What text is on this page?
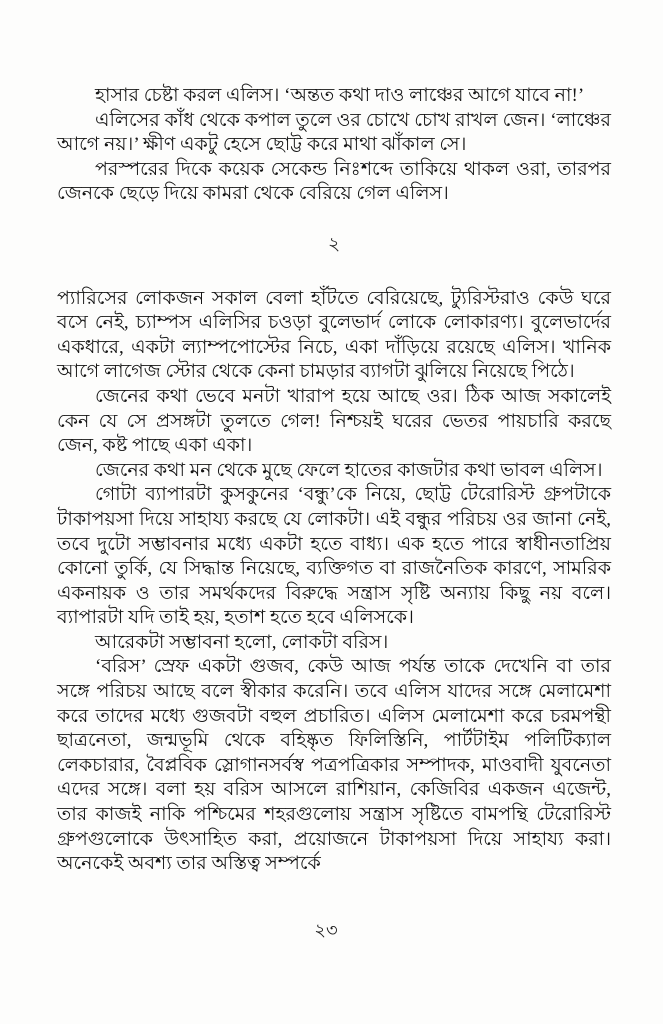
হাসার চেষ্টা করল এলিস। ‘অন্তত কথা দাও লাঞ্চের আগে যাবে না!’

এলিসের কাঁধ থেকে কপাল তুলে ওর চোখে চোখ রাখল জেন। ‘লাঞ্চের আগে নয়।’ ক্ষীণ একটু হেসে ছোট্ট করে মাথা ঝাঁকাল সে।

পরস্পরের দিকে কয়েক সেকেন্ড নিঃশব্দে তাকিয়ে থাকল ওরা, তারপর জেনকে ছেড়ে দিয়ে কামরা থেকে বেরিয়ে গেল এলিস।

২

প্যারিসের লোকজন সকাল বেলা হাঁটতে বেরিয়েছে, ট্যুরিস্টরাও কেউ ঘরে বসে নেই, চ্যাম্পস এলিসির চওড়া বুলেভার্দ লোকে লোকারণ্য। বুলেভার্দের একধারে, একটা ল্যাম্পপোস্টের নিচে, একা দাঁড়িয়ে রয়েছে এলিস। খানিক আগে লাগেজ স্টোর থেকে কেনা চামড়ার ব্যাগটা ঝুলিয়ে নিয়েছে পিঠে।

জেনের কথা ভেবে মনটা খারাপ হয়ে আছে ওর। ঠিক আজ সকালেই কেন যে সে প্রসঙ্গটা তুলতে গেল! নিশ্চয়ই ঘরের ভেতর পায়চারি করছে জেন, কষ্ট পাছে একা একা।

জেনের কথা মন থেকে মুছে ফেলে হাতের কাজটার কথা ভাবল এলিস।

গোটা ব্যাপারটা কুসকুনের ‘বন্ধু’কে নিয়ে, ছোট্ট টেরোরিস্ট গ্রুপটাকে টাকাপয়সা দিয়ে সাহায্য করছে যে লোকটা। এই বন্ধুর পরিচয় ওর জানা নেই, তবে দুটো সম্ভাবনার মধ্যে একটা হতে বাধ্য। এক হতে পারে স্বাধীনতাপ্রিয় কোনো তুর্কি, যে সিদ্ধান্ত নিয়েছে, ব্যক্তিগত বা রাজনৈতিক কারণে, সামরিক একনায়ক ও তার সমর্থকদের বিরুদ্ধে সন্ত্রাস সৃষ্টি অন্যায় কিছু নয় বলে। ব্যাপারটা যদি তাই হয়, হতাশ হতে হবে এলিসকে।

আরেকটা সম্ভাবনা হলো, লোকটা বরিস।

‘বরিস’ স্রেফ একটা গুজব, কেউ আজ পর্যন্ত তাকে দেখেনি বা তার সঙ্গে পরিচয় আছে বলে স্বীকার করেনি। তবে এলিস যাদের সঙ্গে মেলামেশা করে তাদের মধ্যে গুজবটা বহুল প্রচারিত। এলিস মেলামেশা করে চরমপন্থী ছাত্রনেতা, জন্মভূমি থেকে বহিষ্কৃত ফিলিস্তিনি, পার্টটাইম পলিটিক্যাল লেকচারার, বৈপ্লবিক স্লোগানসর্বস্ব পত্রপত্রিকার সম্পাদক, মাওবাদী যুবনেতা এদের সঙ্গে। বলা হয় বরিস আসলে রাশিয়ান, কেজিবির একজন এজেন্ট, তার কাজই নাকি পশ্চিমের শহরগুলোয় সন্ত্রাস সৃষ্টিতে বামপন্থি টেরোরিস্ট গ্রুপগুলোকে উৎসাহিত করা, প্রয়োজনে টাকাপয়সা দিয়ে সাহায্য করা। অনেকেই অবশ্য তার অস্তিত্ব সম্পর্কে

২৩
